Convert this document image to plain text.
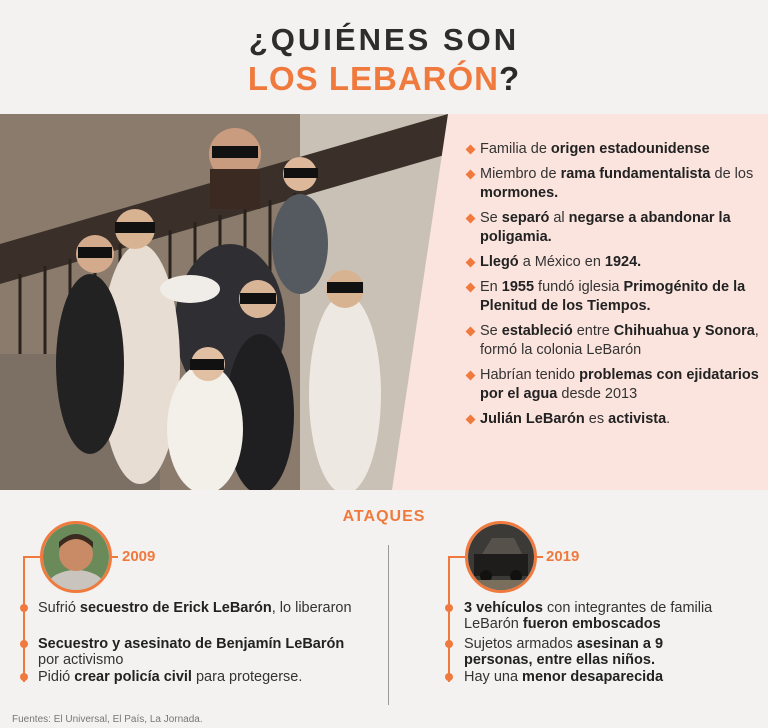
¿QUIÉNES SON
LOS LEBARÓN?
Familia de origen estadounidense
Miembro de rama fundamentalista de los mormones.
Se separó al negarse a abandonar la poligamia.
Llegó a México en 1924.
En 1955 fundó iglesia Primogénito de la Plenitud de los Tiempos.
Se estableció entre Chihuahua y Sonora, formó la colonia LeBarón
Habrían tenido problemas con ejidatarios por el agua desde 2013
Julián LeBarón es activista.
ATAQUES
2009
Sufrió secuestro de Erick LeBarón, lo liberaron
Secuestro y asesinato de Benjamín LeBarón por activismo
Pidió crear policía civil para protegerse.
2019
3 vehículos con integrantes de familia LeBarón fueron emboscados
Sujetos armados asesinan a 9 personas, entre ellas niños.
Hay una menor desaparecida
Fuentes: El Universal, El País, La Jornada.
